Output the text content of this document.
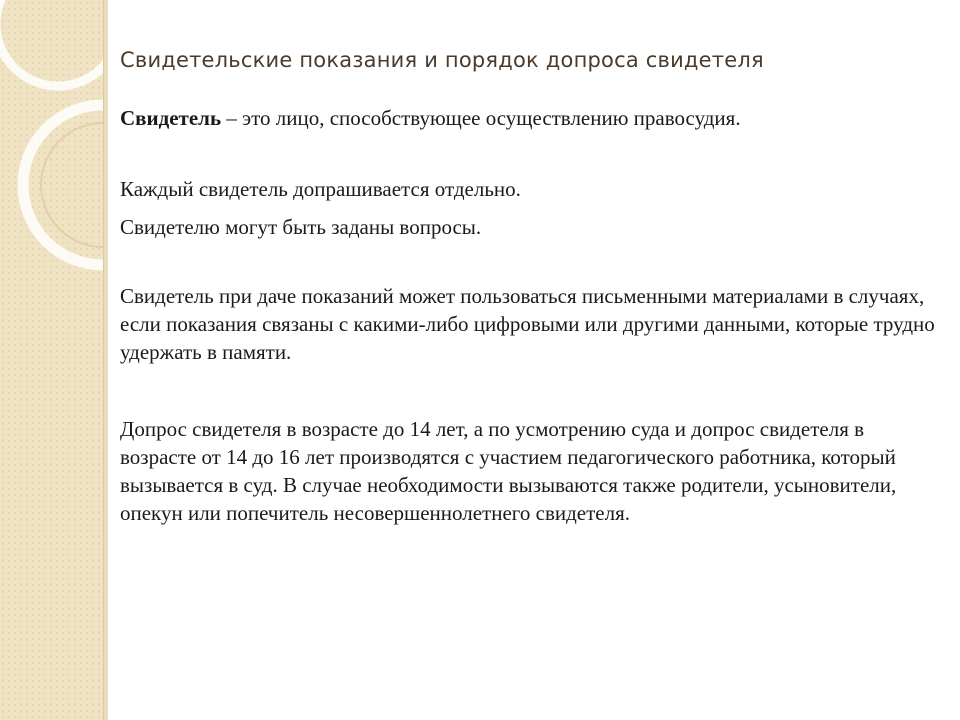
Свидетельские показания и порядок допроса свидетеля

Свидетель – это лицо, способствующее осуществлению правосудия.

Каждый свидетель допрашивается отдельно.

Свидетелю могут быть заданы вопросы.

Свидетель при даче показаний может пользоваться письменными материалами в случаях, если показания связаны с какими-либо цифровыми или другими данными, которые трудно удержать в памяти.

Допрос свидетеля в возрасте до 14 лет, а по усмотрению суда и допрос свидетеля в возрасте от 14 до 16 лет производятся с участием педагогического работника, который вызывается в суд. В случае необходимости вызываются также родители, усыновители, опекун или попечитель несовершеннолетнего свидетеля.
